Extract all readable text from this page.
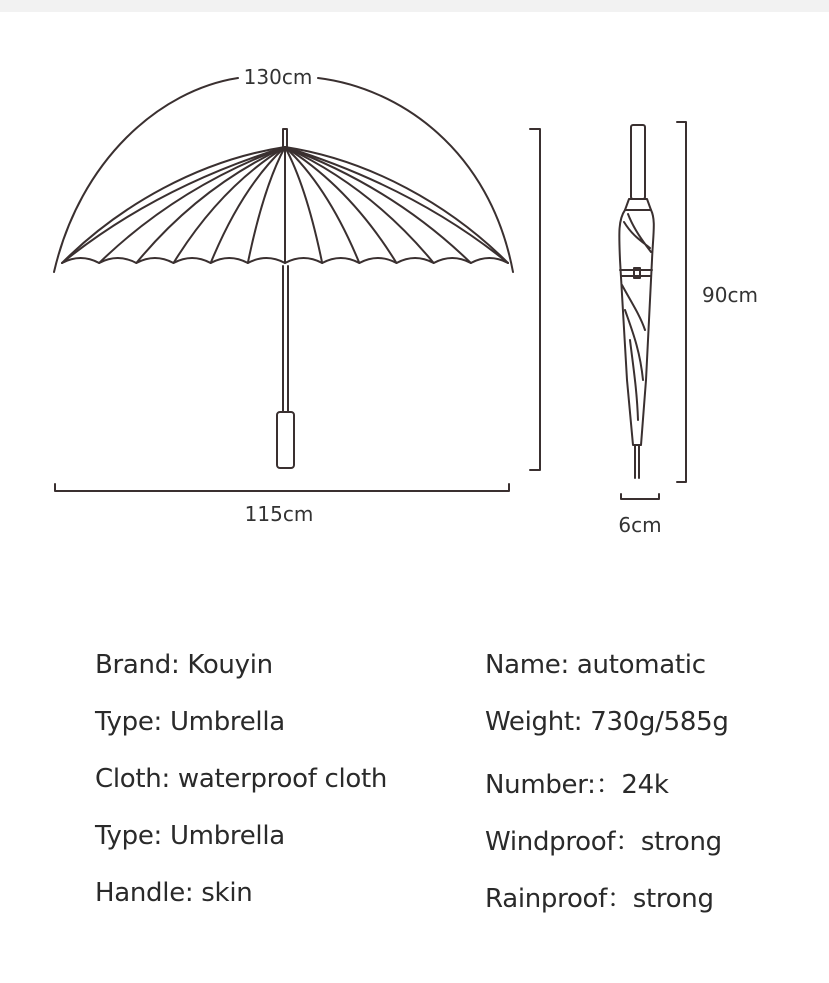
130cm
115cm
90cm
6cm
Brand: Kouyin
Type: Umbrella
Cloth: waterproof cloth
Type: Umbrella
Handle: skin
Name: automatic
Weight: 730g/585g
Number:：24k
Windproof：strong
Rainproof：strong
